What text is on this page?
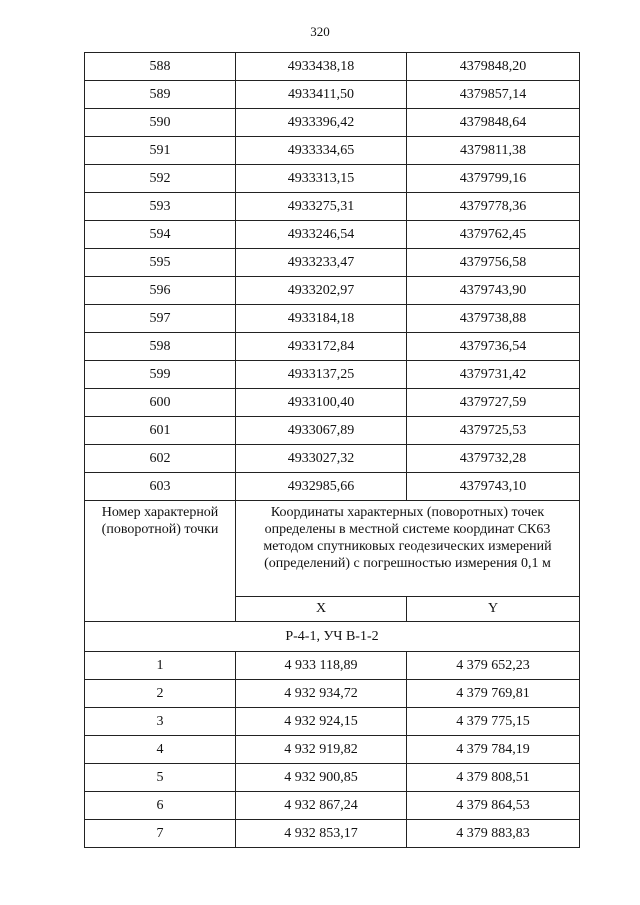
320
588	4933438,18	4379848,20
589	4933411,50	4379857,14
590	4933396,42	4379848,64
591	4933334,65	4379811,38
592	4933313,15	4379799,16
593	4933275,31	4379778,36
594	4933246,54	4379762,45
595	4933233,47	4379756,58
596	4933202,97	4379743,90
597	4933184,18	4379738,88
598	4933172,84	4379736,54
599	4933137,25	4379731,42
600	4933100,40	4379727,59
601	4933067,89	4379725,53
602	4933027,32	4379732,28
603	4932985,66	4379743,10
Номер характерной (поворотной) точки	Координаты характерных (поворотных) точек определены в местной системе координат СК63 методом спутниковых геодезических измерений (определений) с погрешностью измерения 0,1 м	
	X	Y
Р-4-1, УЧ В-1-2		
1	4 933 118,89	4 379 652,23
2	4 932 934,72	4 379 769,81
3	4 932 924,15	4 379 775,15
4	4 932 919,82	4 379 784,19
5	4 932 900,85	4 379 808,51
6	4 932 867,24	4 379 864,53
7	4 932 853,17	4 379 883,83
